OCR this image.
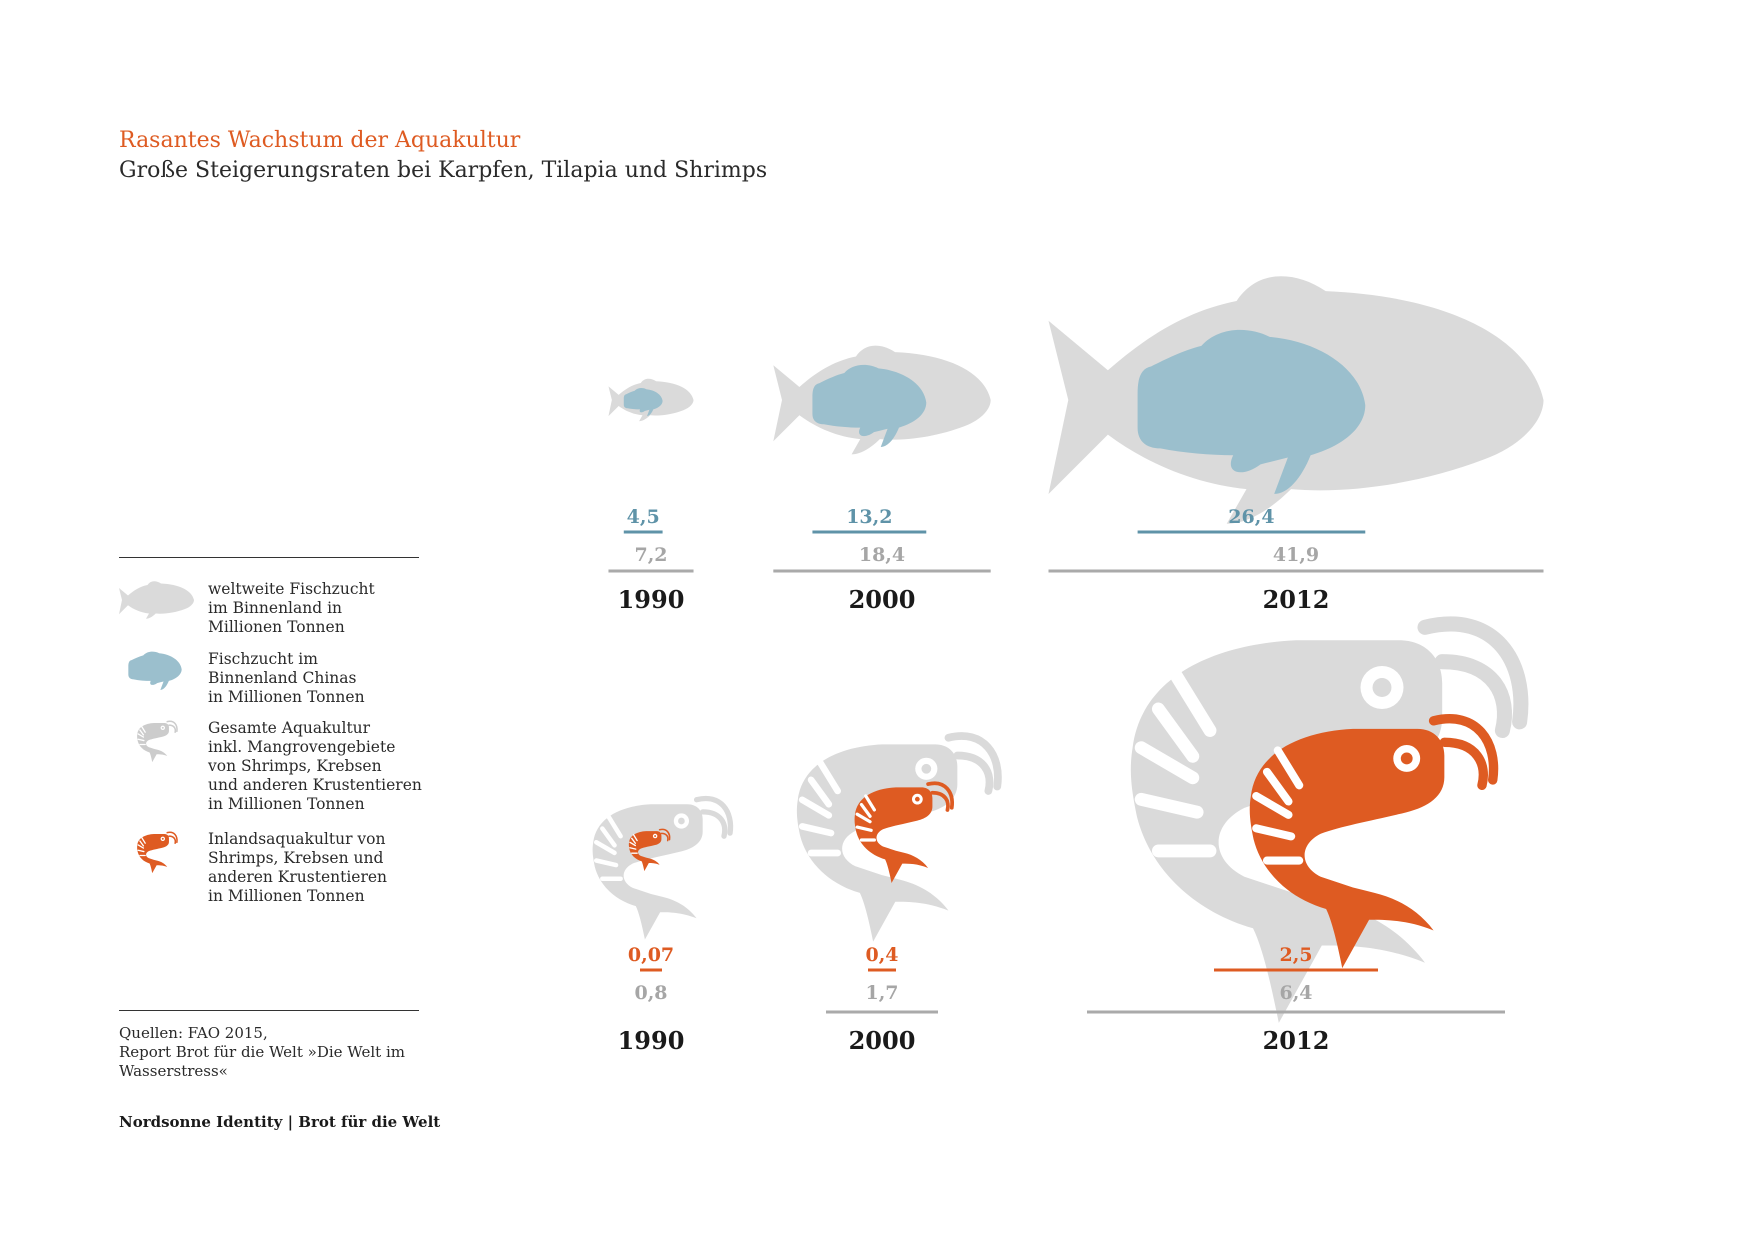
Rasantes Wachstum der Aquakultur
Große Steigerungsraten bei Karpfen, Tilapia und Shrimps
weltweite Fischzucht
im Binnenland in
Millionen Tonnen
Fischzucht im
Binnenland Chinas
in Millionen Tonnen
Gesamte Aquakultur
inkl. Mangrovengebiete
von Shrimps, Krebsen
und anderen Krustentieren
in Millionen Tonnen
Inlandsaquakultur von
Shrimps, Krebsen und
anderen Krustentieren
in Millionen Tonnen
Quellen: FAO 2015,
Report Brot für die Welt »Die Welt im
Wasserstress«
Nordsonne Identity | Brot für die Welt
4,5
7,2
1990
13,2
18,4
2000
26,4
41,9
2012
0,07
0,8
1990
0,4
1,7
2000
2,5
6,4
2012
